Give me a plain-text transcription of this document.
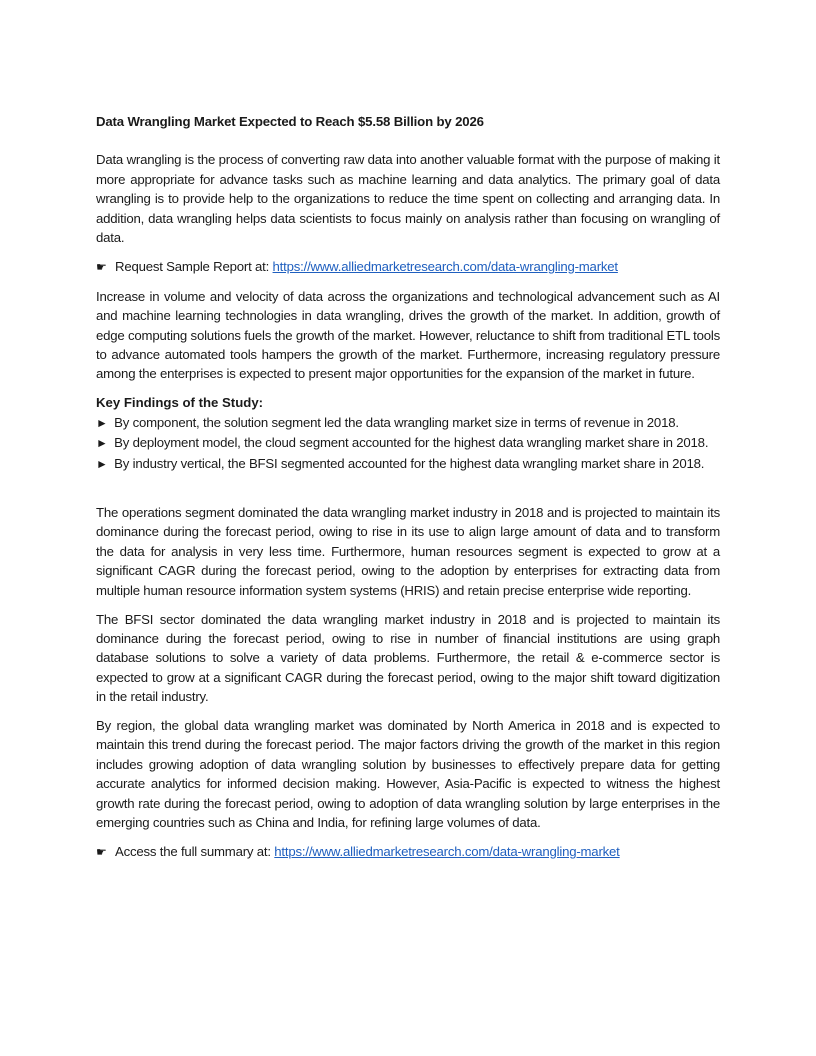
Data Wrangling Market Expected to Reach $5.58 Billion by 2026

Data wrangling is the process of converting raw data into another valuable format with the purpose of making it more appropriate for advance tasks such as machine learning and data analytics. The primary goal of data wrangling is to provide help to the organizations to reduce the time spent on collecting and arranging data. In addition, data wrangling helps data scientists to focus mainly on analysis rather than focusing on wrangling of data.

☛ Request Sample Report at: https://www.alliedmarketresearch.com/data-wrangling-market

Increase in volume and velocity of data across the organizations and technological advancement such as AI and machine learning technologies in data wrangling, drives the growth of the market. In addition, growth of edge computing solutions fuels the growth of the market. However, reluctance to shift from traditional ETL tools to advance automated tools hampers the growth of the market. Furthermore, increasing regulatory pressure among the enterprises is expected to present major opportunities for the expansion of the market in future.

Key Findings of the Study:
► By component, the solution segment led the data wrangling market size in terms of revenue in 2018.
► By deployment model, the cloud segment accounted for the highest data wrangling market share in 2018.
► By industry vertical, the BFSI segmented accounted for the highest data wrangling market share in 2018.

The operations segment dominated the data wrangling market industry in 2018 and is projected to maintain its dominance during the forecast period, owing to rise in its use to align large amount of data and to transform the data for analysis in very less time. Furthermore, human resources segment is expected to grow at a significant CAGR during the forecast period, owing to the adoption by enterprises for extracting data from multiple human resource information system systems (HRIS) and retain precise enterprise wide reporting.

The BFSI sector dominated the data wrangling market industry in 2018 and is projected to maintain its dominance during the forecast period, owing to rise in number of financial institutions are using graph database solutions to solve a variety of data problems. Furthermore, the retail & e-commerce sector is expected to grow at a significant CAGR during the forecast period, owing to the major shift toward digitization in the retail industry.

By region, the global data wrangling market was dominated by North America in 2018 and is expected to maintain this trend during the forecast period. The major factors driving the growth of the market in this region includes growing adoption of data wrangling solution by businesses to effectively prepare data for getting accurate analytics for informed decision making. However, Asia-Pacific is expected to witness the highest growth rate during the forecast period, owing to adoption of data wrangling solution by large enterprises in the emerging countries such as China and India, for refining large volumes of data.

☛ Access the full summary at: https://www.alliedmarketresearch.com/data-wrangling-market
